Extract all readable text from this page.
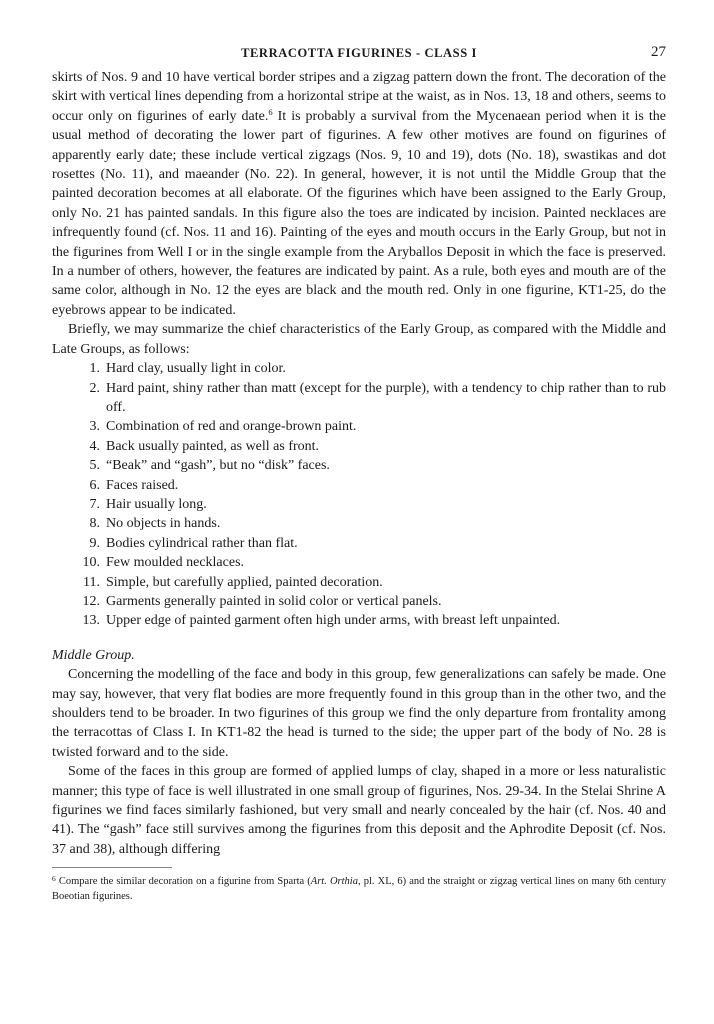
TERRACOTTA FIGURINES - CLASS I	27

skirts of Nos. 9 and 10 have vertical border stripes and a zigzag pattern down the front. The decoration of the skirt with vertical lines depending from a horizontal stripe at the waist, as in Nos. 13, 18 and others, seems to occur only on figurines of early date.$^6$ It is probably a survival from the Mycenaean period when it is the usual method of decorating the lower part of figurines. A few other motives are found on figurines of apparently early date; these include vertical zigzags (Nos. 9, 10 and 19), dots (No. 18), swastikas and dot rosettes (No. 11), and maeander (No. 22). In general, however, it is not until the Middle Group that the painted decoration becomes at all elaborate. Of the figurines which have been assigned to the Early Group, only No. 21 has painted sandals. In this figure also the toes are indicated by incision. Painted necklaces are infrequently found (cf. Nos. 11 and 16). Painting of the eyes and mouth occurs in the Early Group, but not in the figurines from Well I or in the single example from the Aryballos Deposit in which the face is preserved. In a number of others, however, the features are indicated by paint. As a rule, both eyes and mouth are of the same color, although in No. 12 the eyes are black and the mouth red. Only in one figurine, KT1-25, do the eyebrows appear to be indicated.

Briefly, we may summarize the chief characteristics of the Early Group, as compared with the Middle and Late Groups, as follows:

1. Hard clay, usually light in color.
2. Hard paint, shiny rather than matt (except for the purple), with a tendency to chip rather than to rub off.
3. Combination of red and orange-brown paint.
4. Back usually painted, as well as front.
5. “Beak” and “gash”, but no “disk” faces.
6. Faces raised.
7. Hair usually long.
8. No objects in hands.
9. Bodies cylindrical rather than flat.
10. Few moulded necklaces.
11. Simple, but carefully applied, painted decoration.
12. Garments generally painted in solid color or vertical panels.
13. Upper edge of painted garment often high under arms, with breast left unpainted.
Middle Group.

Concerning the modelling of the face and body in this group, few generalizations can safely be made. One may say, however, that very flat bodies are more frequently found in this group than in the other two, and the shoulders tend to be broader. In two figurines of this group we find the only departure from frontality among the terracottas of Class I. In KT1-82 the head is turned to the side; the upper part of the body of No. 28 is twisted forward and to the side.

Some of the faces in this group are formed of applied lumps of clay, shaped in a more or less naturalistic manner; this type of face is well illustrated in one small group of figurines, Nos. 29-34. In the Stelai Shrine A figurines we find faces similarly fashioned, but very small and nearly concealed by the hair (cf. Nos. 40 and 41). The “gash” face still survives among the figurines from this deposit and the Aphrodite Deposit (cf. Nos. 37 and 38), although differing

$^6$ Compare the similar decoration on a figurine from Sparta (Art. Orthia, pl. XL, 6) and the straight or zigzag vertical lines on many 6th century Boeotian figurines.
